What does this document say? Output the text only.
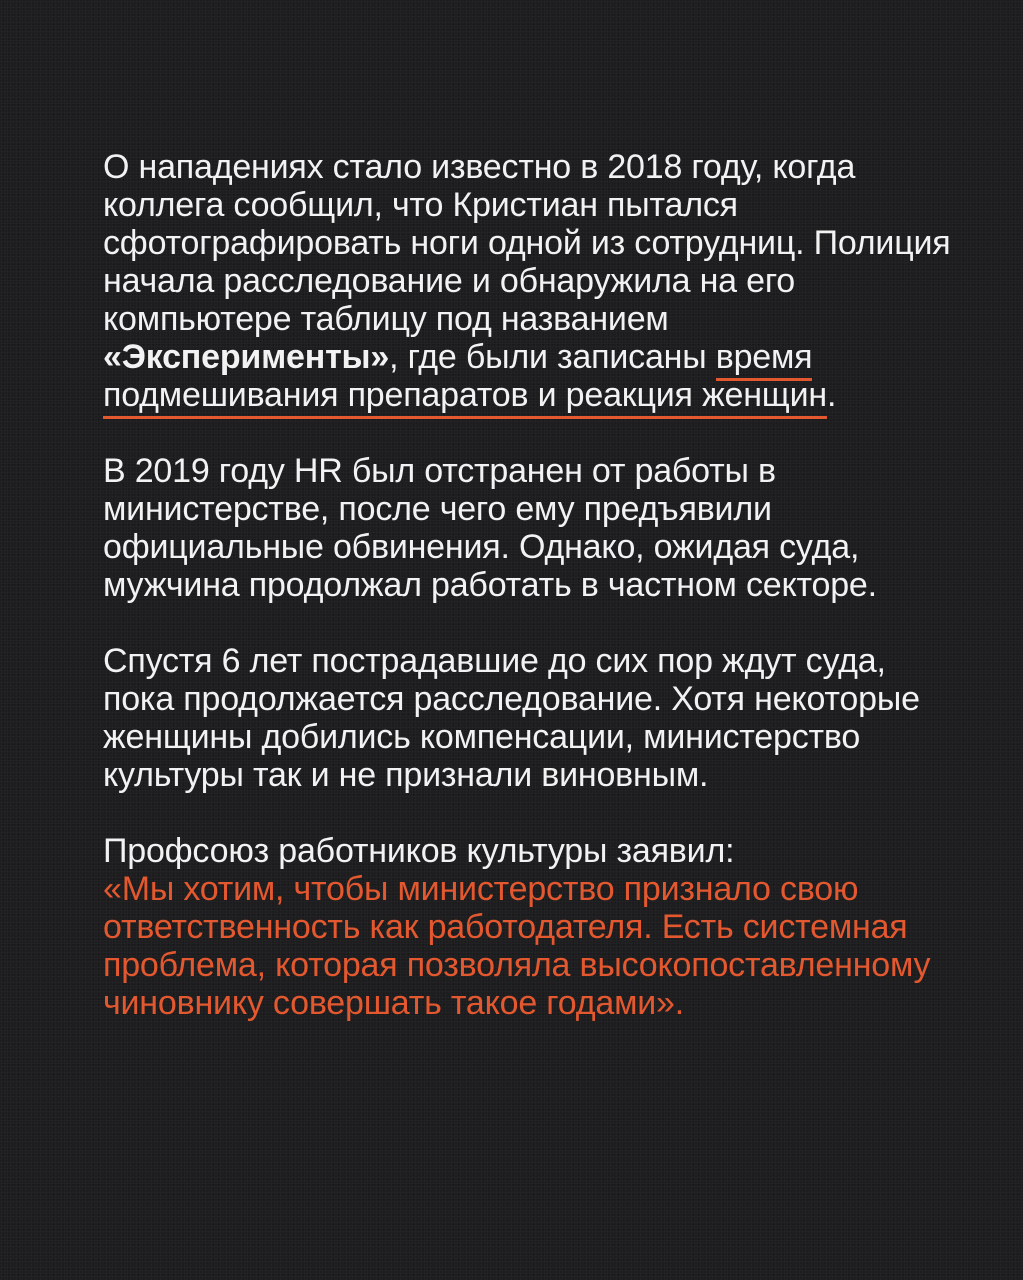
О нападениях стало известно в 2018 году, когда коллега сообщил, что Кристиан пытался сфотографировать ноги одной из сотрудниц. Полиция начала расследование и обнаружила на его компьютере таблицу под названием «Эксперименты», где были записаны время подмешивания препаратов и реакция женщин.

В 2019 году HR был отстранен от работы в министерстве, после чего ему предъявили официальные обвинения. Однако, ожидая суда, мужчина продолжал работать в частном секторе.

Спустя 6 лет пострадавшие до сих пор ждут суда, пока продолжается расследование. Хотя некоторые женщины добились компенсации, министерство культуры так и не признали виновным.

Профсоюз работников культуры заявил:
«Мы хотим, чтобы министерство признало свою ответственность как работодателя. Есть системная проблема, которая позволяла высокопоставленному чиновнику совершать такое годами».
